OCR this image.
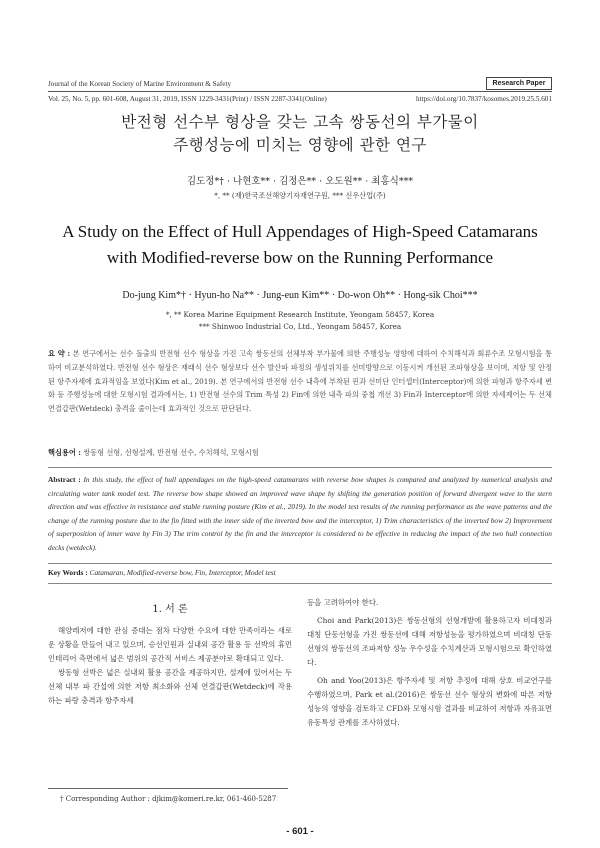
Journal of the Korean Society of Marine Environment & Safety	Research Paper
Vol. 25, No. 5, pp. 601-608, August 31, 2019, ISSN 1229-3431(Print) / ISSN 2287-3341(Online)	https://doi.org/10.7837/kosomes.2019.25.5.601
반전형 선수부 형상을 갖는 고속 쌍동선의 부가물이
주행성능에 미치는 영향에 관한 연구
김도정*† · 나현호** · 김정은** · 오도원** · 최홍식***
*, ** (재)한국조선해양기자재연구원, *** 신우산업(주)
A Study on the Effect of Hull Appendages of High-Speed Catamarans
with Modified-reverse bow on the Running Performance
Do-jung Kim*† · Hyun-ho Na** · Jung-eun Kim** · Do-won Oh** · Hong-sik Choi***
*, ** Korea Marine Equipment Research Institute, Yeongam 58457, Korea
*** Shinwoo Industrial Co, Ltd., Yeongam 58457, Korea
요 약 : 본 연구에서는 선수 돌출의 반전형 선수 형상을 가진 고속 쌍동선의 선체부착 부가물에 의한 주행성능 영향에 대하여 수치해석과 회류수조 모형시험을 통하여 비교분석하였다. 반전형 선수 형상은 재래식 선수 형상보다 선수 발산파 파정의 생성위치를 선미방향으로 이동시켜 개선된 조파형상을 보이며, 저항 및 안정된 항주자세에 효과적임을 보였다(Kim et al., 2019). 본 연구에서의 반전형 선수 내측에 부착된 핀과 선미단 인터셉터(Interceptor)에 의한 파형과 항주자세 변화 등 주행성능에 대한 모형시험 결과에서는, 1) 반전형 선수의 Trim 특성 2) Fin에 의한 내측 파의 중첩 개선 3) Fin과 Interceptor에 의한 자세제어는 두 선체 연결갑판(Wetdeck) 충격을 줄이는데 효과적인 것으로 판단된다.
핵심용어 : 쌍동형 선형, 선형설계, 반전형 선수, 수치해석, 모형시험
Abstract : In this study, the effect of hull appendages on the high-speed catamarans with reverse bow shapes is compared and analyzed by numerical analysis and circulating water tank model test. The reverse bow shape showed an improved wave shape by shifting the generation position of forward divergent wave to the stern direction and was effective in resistance and stable running posture (Kim et al., 2019). In the model test results of the running performance as the wave patterns and the change of the running posture due to the fin fitted with the inner side of the inverted bow and the interceptor, 1) Trim characteristics of the inverted bow 2) Improvement of superposition of inner wave by Fin 3) The trim control by the fin and the interceptor is considered to be effective in reducing the impact of the two hull connection decks (wetdeck).
Key Words : Catamaran, Modified-reverse bow, Fin, Interceptor, Model test
1. 서 론

해양레저에 대한 관심 증대는 점차 다양한 수요에 대한 만족이라는 새로운 상황을 만들어 내고 있으며, 승선인원과 실내외 공간 활용 등 선박의 휴먼 인테리어 측면에서 넓은 범위의 공간적 서비스 제공분야로 확대되고 있다.

쌍동형 선박은 넓은 실내외 활용 공간을 제공하지만, 설계에 있어서는 두 선체 내부 파 간섭에 의한 저항 최소화와 선체 연결갑판(Wetdeck)에 작용하는 파랑 충격과 항주자세

등을 고려하여야 한다.

Choi and Park(2013)은 쌍동선형의 선형개발에 활용하고자 비대칭과 대칭 단동선형을 가진 쌍동선에 대해 저항성능을 평가하였으며 비대칭 단동선형의 쌍동선의 조파저항 성능 우수성을 수치계산과 모형시험으로 확인하였다.

Oh and Yoo(2013)은 항주자세 및 저항 추정에 대해 상호 비교연구를 수행하였으며, Park et al.(2016)은 쌍동선 선수 형상의 변화에 따른 저항성능의 영향을 검토하고 CFD와 모형시험 결과를 비교하여 저항과 자유표면 유동특성 관계를 조사하였다.

† Corresponding Author : djkim@komeri.re.kr, 061-460-5287
- 601 -
